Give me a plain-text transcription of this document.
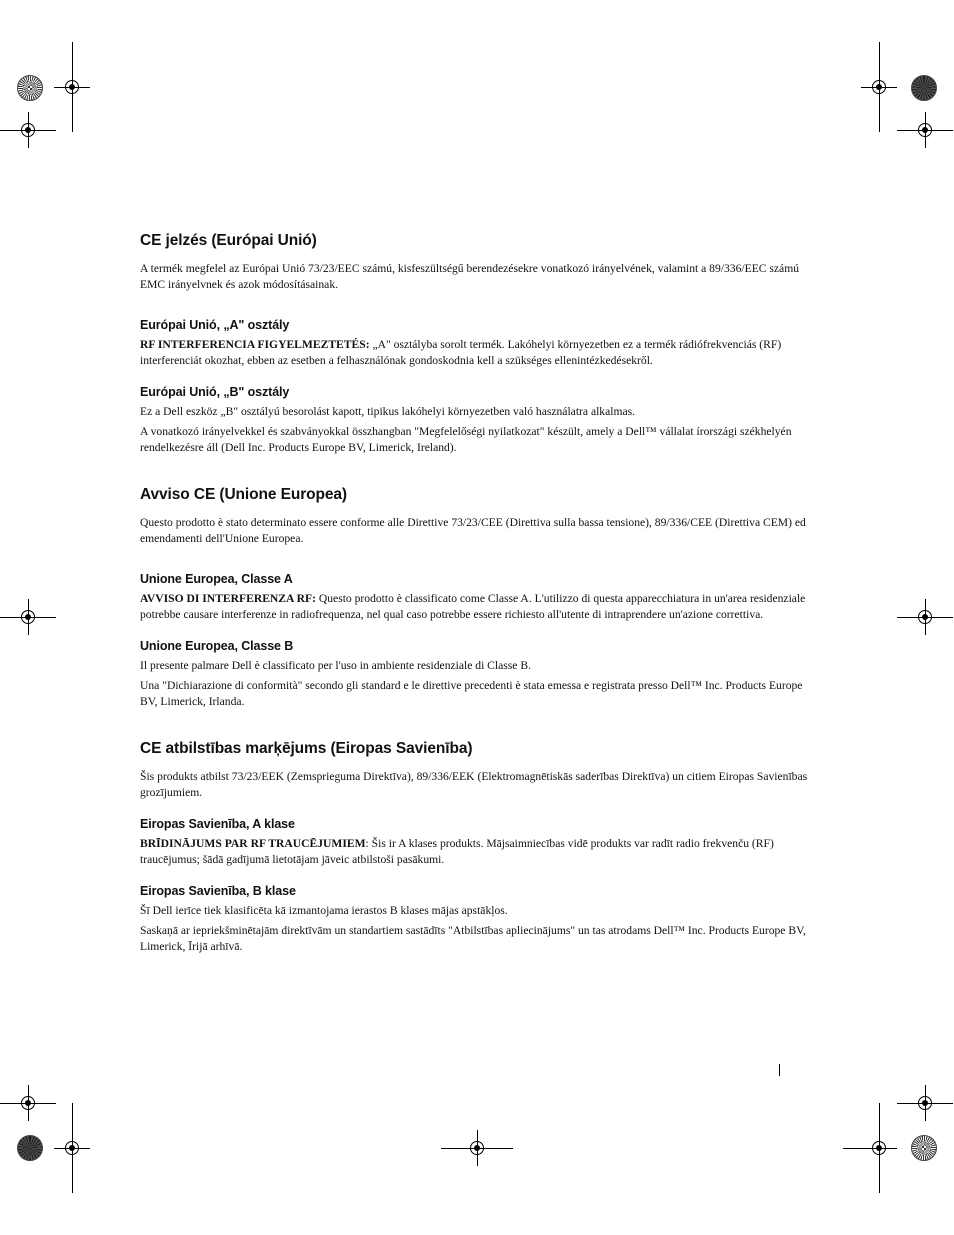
CE jelzés (Európai Unió)

A termék megfelel az Európai Unió 73/23/EEC számú, kisfeszültségű berendezésekre vonatkozó irányelvének, valamint a 89/336/EEC számú EMC irányelvnek és azok módosításainak.

Európai Unió, „A" osztály

RF INTERFERENCIA FIGYELMEZTETÉS: „A" osztályba sorolt termék. Lakóhelyi környezetben ez a termék rádiófrekvenciás (RF) interferenciát okozhat, ebben az esetben a felhasználónak gondoskodnia kell a szükséges ellenintézkedésekről.

Európai Unió, „B" osztály

Ez a Dell eszköz „B" osztályú besorolást kapott, tipikus lakóhelyi környezetben való használatra alkalmas.

A vonatkozó irányelvekkel és szabványokkal összhangban "Megfelelőségi nyilatkozat" készült, amely a Dell™ vállalat írországi székhelyén rendelkezésre áll (Dell Inc. Products Europe BV, Limerick, Ireland).

Avviso CE (Unione Europea)

Questo prodotto è stato determinato essere conforme alle Direttive 73/23/CEE (Direttiva sulla bassa tensione), 89/336/CEE (Direttiva CEM) ed emendamenti dell'Unione Europea.

Unione Europea, Classe A

AVVISO DI INTERFERENZA RF: Questo prodotto è classificato come Classe A. L'utilizzo di questa apparecchiatura in un'area residenziale potrebbe causare interferenze in radiofrequenza, nel qual caso potrebbe essere richiesto all'utente di intraprendere un'azione correttiva.

Unione Europea, Classe B

Il presente palmare Dell è classificato per l'uso in ambiente residenziale di Classe B.

Una "Dichiarazione di conformità" secondo gli standard e le direttive precedenti è stata emessa e registrata presso Dell™ Inc. Products Europe BV, Limerick, Irlanda.

CE atbilstības marķējums (Eiropas Savienība)

Šis produkts atbilst 73/23/EEK (Zemsprieguma Direktīva), 89/336/EEK (Elektromagnētiskās saderības Direktīva) un citiem Eiropas Savienības grozījumiem.

Eiropas Savienība, A klase

BRĪDINĀJUMS PAR RF TRAUCĒJUMIEM: Šis ir A klases produkts. Mājsaimniecības vidē produkts var radīt radio frekvenču (RF) traucējumus; šādā gadījumā lietotājam jāveic atbilstoši pasākumi.

Eiropas Savienība, B klase

Šī Dell ierīce tiek klasificēta kā izmantojama ierastos B klases mājas apstākļos.

Saskaņā ar iepriekšminētajām direktīvām un standartiem sastādīts "Atbilstības apliecinājums" un tas atrodams Dell™ Inc. Products Europe BV, Limerick, Īrijā arhīvā.
